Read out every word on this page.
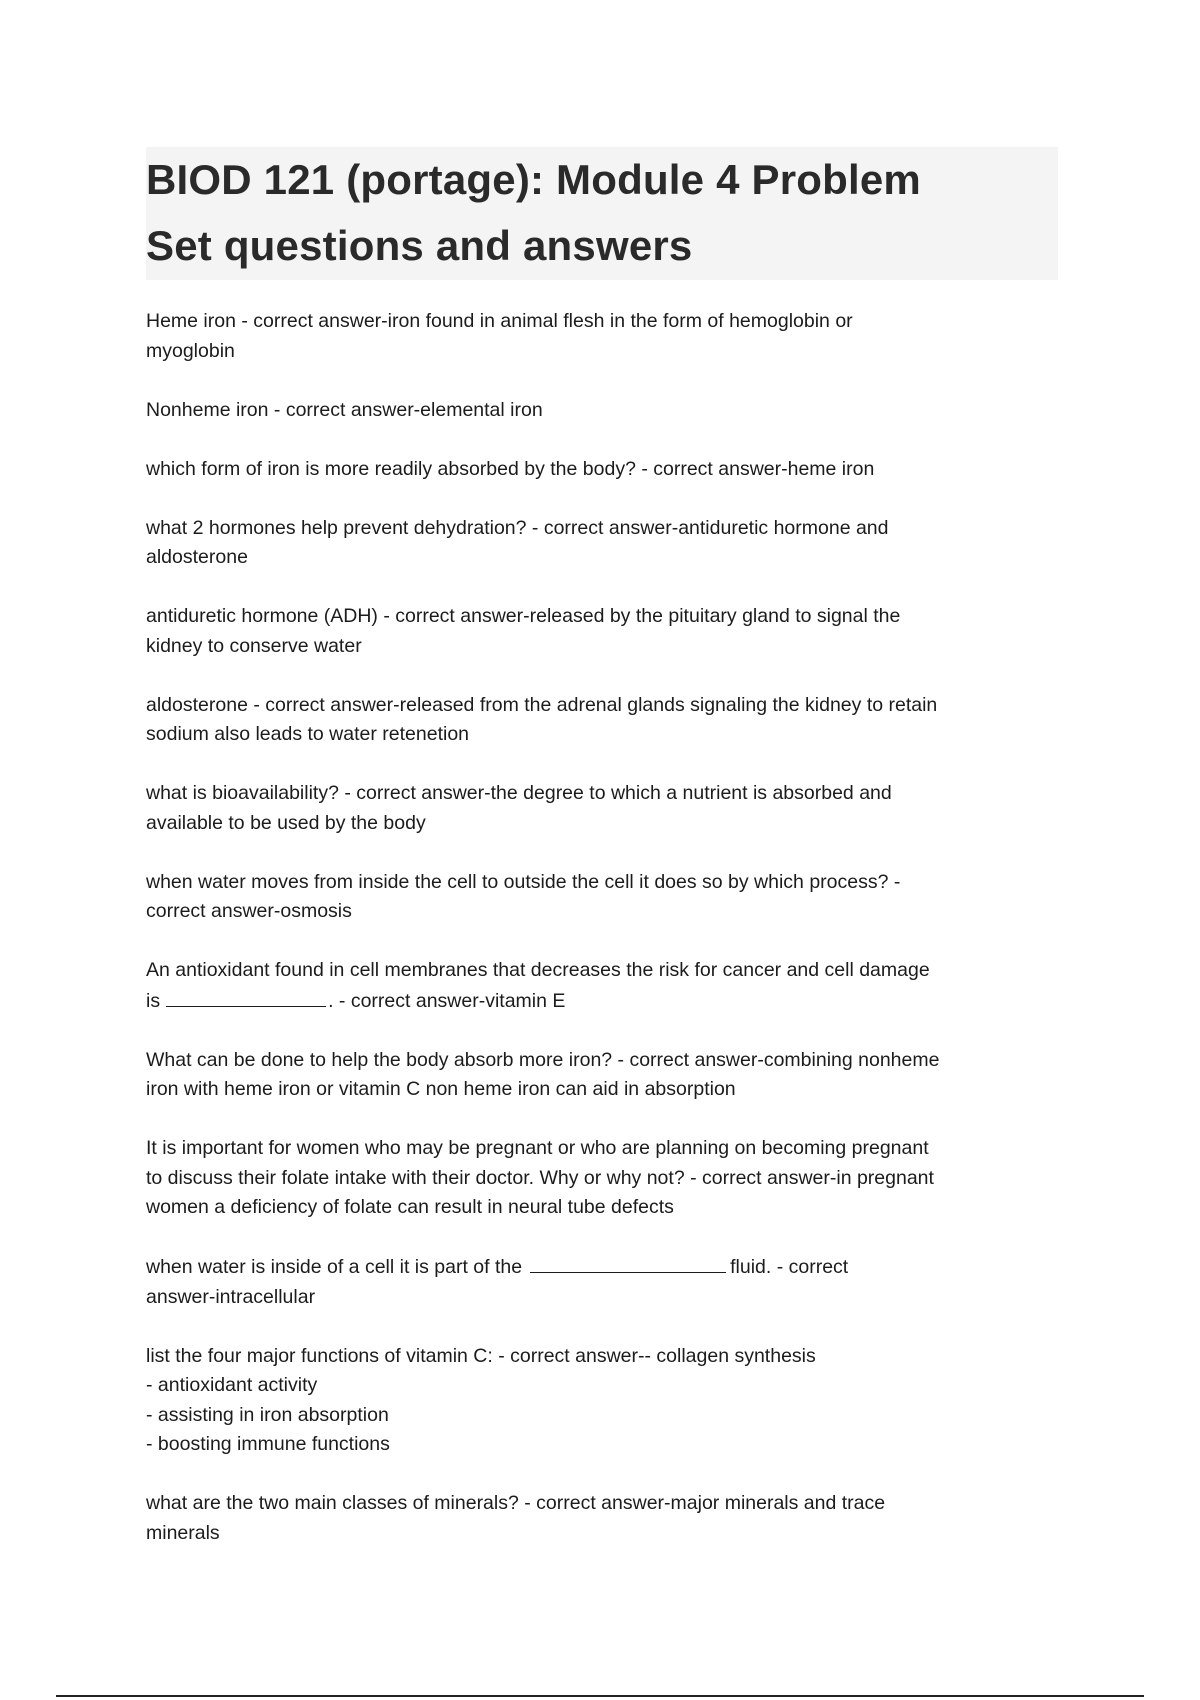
BIOD 121 (portage): Module 4 Problem
Set questions and answers
Heme iron - correct answer-iron found in animal flesh in the form of hemoglobin or
myoglobin
Nonheme iron - correct answer-elemental iron
which form of iron is more readily absorbed by the body? - correct answer-heme iron
what 2 hormones help prevent dehydration? - correct answer-antiduretic hormone and
aldosterone
antiduretic hormone (ADH) - correct answer-released by the pituitary gland to signal the
kidney to conserve water
aldosterone - correct answer-released from the adrenal glands signaling the kidney to retain
sodium also leads to water retenetion
what is bioavailability? - correct answer-the degree to which a nutrient is absorbed and
available to be used by the body
when water moves from inside the cell to outside the cell it does so by which process? -
correct answer-osmosis
An antioxidant found in cell membranes that decreases the risk for cancer and cell damage
is	. - correct answer-vitamin E
What can be done to help the body absorb more iron? - correct answer-combining nonheme
iron with heme iron or vitamin C non heme iron can aid in absorption
It is important for women who may be pregnant or who are planning on becoming pregnant
to discuss their folate intake with their doctor. Why or why not? - correct answer-in pregnant
women a deficiency of folate can result in neural tube defects
when water is inside of a cell it is part of the	fluid. - correct
answer-intracellular
list the four major functions of vitamin C: - correct answer-- collagen synthesis
- antioxidant activity
- assisting in iron absorption
- boosting immune functions
what are the two main classes of minerals? - correct answer-major minerals and trace
minerals
